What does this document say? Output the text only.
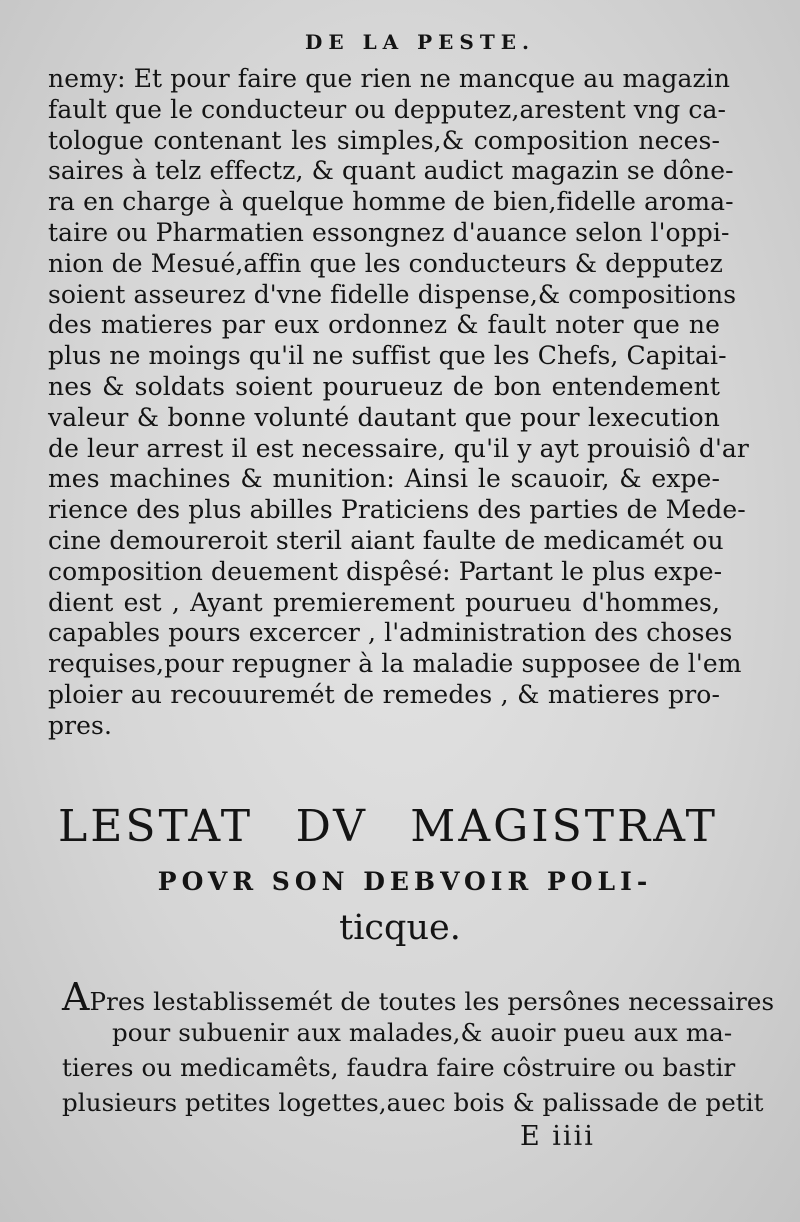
DE LA PESTE.
nemy: Et pour faire que rien ne mancque au magazin
fault que le conducteur ou depputez,arestent vng ca-
tologue contenant les simples,& composition neces-
saires à telz effectz, & quant audict magazin se dône-
ra en charge à quelque homme de bien,fidelle aroma-
taire ou Pharmatien essongnez d'auance selon l'oppi-
nion de Mesué,affin que les conducteurs & depputez
soient asseurez d'vne fidelle dispense,& compositions
des matieres par eux ordonnez & fault noter que ne
plus ne moings qu'il ne suffist que les Chefs, Capitai-
nes & soldats soient pourueuz de bon entendement
valeur & bonne volunté dautant que pour lexecution
de leur arrest il est necessaire, qu'il y ayt prouisiô d'ar
mes machines & munition: Ainsi le scauoir, & expe-
rience des plus abilles Praticiens des parties de Mede-
cine demoureroit steril aiant faulte de medicamét ou
composition deuement dispêsé: Partant le plus expe-
dient est , Ayant premierement pourueu d'hommes,
capables pours excercer , l'administration des choses
requises,pour repugner à la maladie supposee de l'em
ploier au recouuremét de remedes , & matieres pro-
pres.
LESTAT DV MAGISTRAT
POVR SON DEBVOIR POLI-
ticque.
APres lestablissemét de toutes les persônes necessaires
pour subuenir aux malades,& auoir pueu aux ma-
tieres ou medicamêts, faudra faire côstruire ou bastir
plusieurs petites logettes,auec bois & palissade de petit
E iiii
